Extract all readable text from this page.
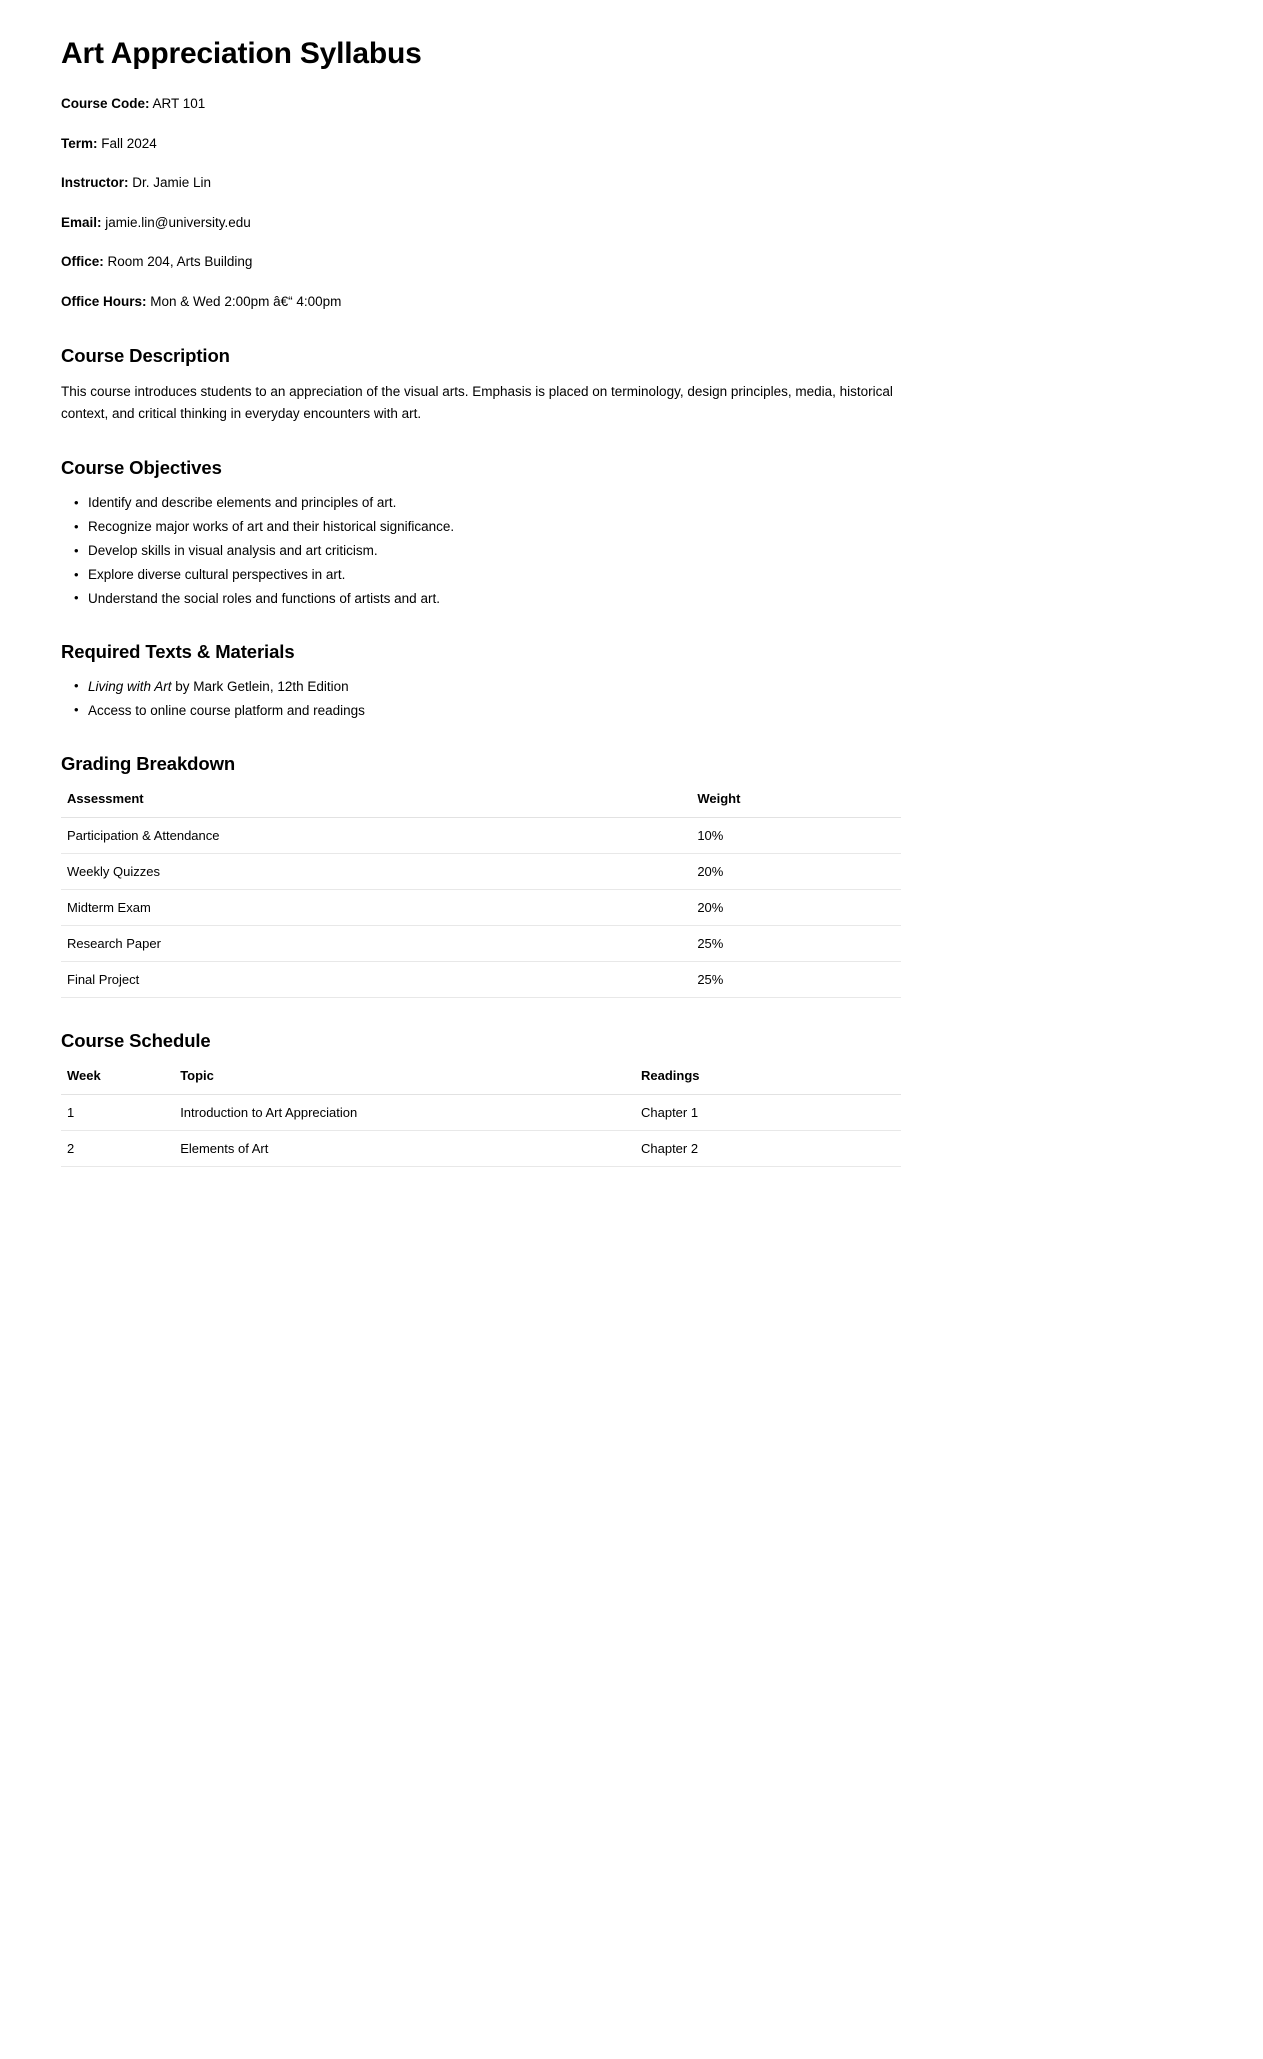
Art Appreciation Syllabus

Course Code: ART 101

Term: Fall 2024

Instructor: Dr. Jamie Lin

Email: jamie.lin@university.edu

Office: Room 204, Arts Building

Office Hours: Mon & Wed 2:00pm â€“ 4:00pm

Course Description

This course introduces students to an appreciation of the visual arts. Emphasis is placed on terminology, design principles, media, historical context, and critical thinking in everyday encounters with art.

Course Objectives
• Identify and describe elements and principles of art.
• Recognize major works of art and their historical significance.
• Develop skills in visual analysis and art criticism.
• Explore diverse cultural perspectives in art.
• Understand the social roles and functions of artists and art.
Required Texts & Materials
• Living with Art by Mark Getlein, 12th Edition
• Access to online course platform and readings
Grading Breakdown
Assessment	Weight
Participation & Attendance	10%
Weekly Quizzes	20%
Midterm Exam	20%
Research Paper	25%
Final Project	25%
Course Schedule
Week	Topic	Readings
1	Introduction to Art Appreciation	Chapter 1
2	Elements of Art	Chapter 2
